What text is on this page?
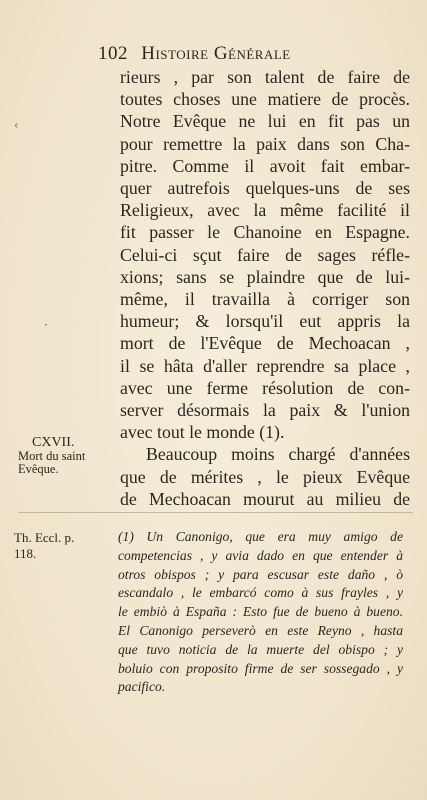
102 Histoire Générale
rieurs , par son talent de faire de
toutes choses une matiere de procès.
Notre Evêque ne lui en fit pas un
pour remettre la paix dans son Cha-
pitre. Comme il avoit fait embar-
quer autrefois quelques-uns de ses
Religieux, avec la même facilité il
fit passer le Chanoine en Espagne.
Celui-ci sçut faire de sages réfle-
xions; sans se plaindre que de lui-
même, il travailla à corriger son
humeur; & lorsqu'il eut appris la
mort de l'Evêque de Mechoacan ,
il se hâta d'aller reprendre sa place ,
avec une ferme résolution de con-
server désormais la paix & l'union
avec tout le monde (1).
Beaucoup moins chargé d'années
que de mérites , le pieux Evêque
de Mechoacan mourut au milieu de
CXVII.
Mort du saint
Evêque.
Th. Eccl. p.
118.
(1) Un Canonigo, que era muy amigo de
competencias , y avia dado en que entender à
otros obispos ; y para escusar este daño , ò
escandalo , le embarcó como à sus frayles , y
le embiò à España : Esto fue de bueno à bueno.
El Canonigo perseverò en este Reyno , hasta
que tuvo noticia de la muerte del obispo ; y
boluio con proposito firme de ser sossegado , y
pacifico.
‹
·
